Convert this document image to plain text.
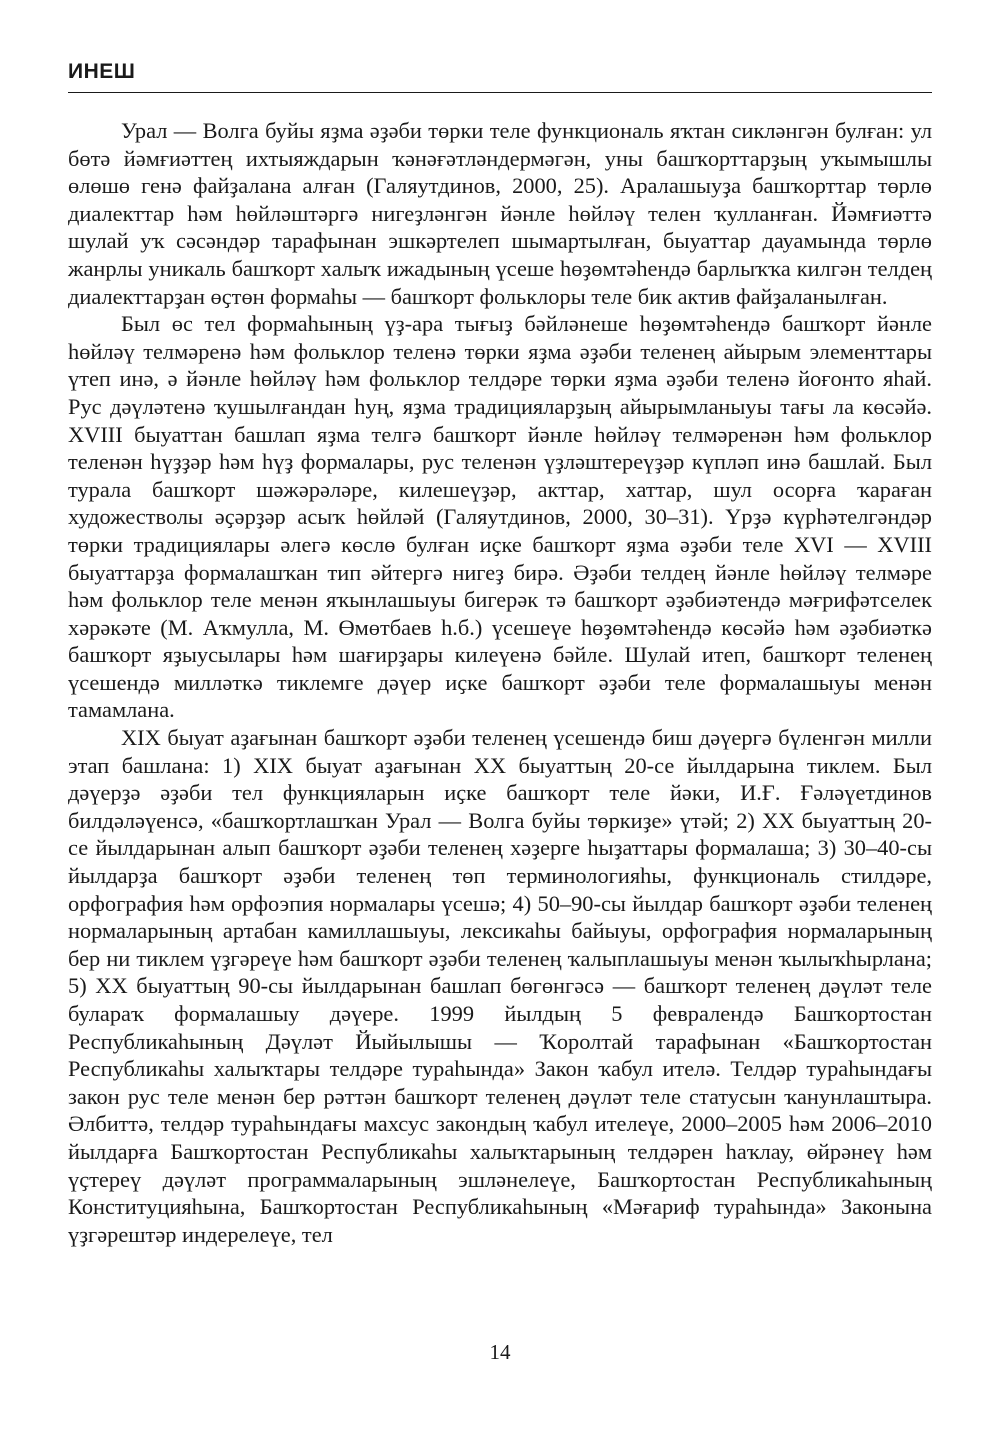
ИНЕШ

Урал — Волга буйы яҙма әҙәби төрки теле функциональ яҡтан сикләнгән булған: ул бөтә йәмғиәттең ихтыяждарын ҡәнәғәтләндермәгән, уны башҡорттарҙың уҡымышлы өлөшө генә файҙалана алған (Галяутдинов, 2000, 25). Аралашыуҙа башҡорттар төрлө диалекттар һәм һөйләштәргә нигеҙләнгән йәнле һөйләү телен ҡулланған. Йәмғиәттә шулай уҡ сәсәндәр тарафынан эшкәртелеп шымартылған, быуаттар дауамында төрлө жанрлы уникаль башҡорт халыҡ ижадының үсеше һөҙөмтәһендә барлыҡҡа килгән телдең диалекттарҙан өҫтөн формаһы — башҡорт фольклоры теле бик актив файҙаланылған.

Был өс тел формаһының үҙ-ара тығыҙ бәйләнеше һөҙөмтәһендә башҡорт йәнле һөйләү телмәренә һәм фольклор теленә төрки яҙма әҙәби теленең айырым элементтары үтеп инә, ә йәнле һөйләү һәм фольклор телдәре төрки яҙма әҙәби теленә йоғонто яһай. Рус дәүләтенә ҡушылғандан һуң, яҙма традицияларҙың айырымланыуы тағы ла көсәйә. XVIII быуаттан башлап яҙма телгә башҡорт йәнле һөйләү телмәренән һәм фольклор теленән һүҙҙәр һәм һүҙ формалары, рус теленән үҙләштереүҙәр күпләп инә башлай. Был турала башҡорт шәжәрәләре, килешеүҙәр, акттар, хаттар, шул осорға ҡараған художестволы әҫәрҙәр асыҡ һөйләй (Галяутдинов, 2000, 30–31). Үрҙә күрһәтелгәндәр төрки традициялары әлегә көслө булған иҫке башҡорт яҙма әҙәби теле XVI — XVIII быуаттарҙа формалашҡан тип әйтергә нигеҙ бирә. Әҙәби телдең йәнле һөйләү телмәре һәм фольклор теле менән яҡынлашыуы бигерәк тә башҡорт әҙәбиәтендә мәғрифәтселек хәрәкәте (М. Аҡмулла, М. Өмөтбаев һ.б.) үсешеүе һөҙөмтәһендә көсәйә һәм әҙәбиәткә башҡорт яҙыусылары һәм шағирҙары килеүенә бәйле. Шулай итеп, башҡорт теленең үсешендә милләткә тиклемге дәүер иҫке башҡорт әҙәби теле формалашыуы менән тамамлана.

XIX быуат аҙағынан башҡорт әҙәби теленең үсешендә биш дәүергә бүленгән милли этап башлана: 1) XIX быуат аҙағынан XX быуаттың 20-се йылдарына тиклем. Был дәүерҙә әҙәби тел функцияларын иҫке башҡорт теле йәки, И.Ғ. Ғәләүетдинов билдәләүенсә, «башҡортлашҡан Урал — Волга буйы төркиҙе» үтәй; 2) XX быуаттың 20-се йылдарынан алып башҡорт әҙәби теленең хәҙерге һыҙаттары формалаша; 3) 30–40-сы йылдарҙа башҡорт әҙәби теленең төп терминологияһы, функциональ стилдәре, орфография һәм орфоэпия нормалары үсешә; 4) 50–90-сы йылдар башҡорт әҙәби теленең нормаларының артабан камиллашыуы, лексикаһы байыуы, орфография нормаларының бер ни тиклем үҙгәреүе һәм башҡорт әҙәби теленең ҡалыплашыуы менән ҡылыҡһырлана; 5) XX быуаттың 90-сы йылдарынан башлап бөгөнгәсә — башҡорт теленең дәүләт теле булараҡ формалашыу дәүере. 1999 йылдың 5 февралендә Башҡортостан Республикаһының Дәүләт Йыйылышы — Ҡоролтай тарафынан «Башҡортостан Республикаһы халыҡтары телдәре тураһында» Закон ҡабул ителә. Телдәр тураһындағы закон рус теле менән бер рәттән башҡорт теленең дәүләт теле статусын ҡанунлаштыра. Әлбиттә, телдәр тураһындағы махсус закондың ҡабул ителеүе, 2000–2005 һәм 2006–2010 йылдарға Башҡортостан Республикаһы халыҡтарының телдәрен һаҡлау, өйрәнеү һәм үҫтереү дәүләт программаларының эшләнелеүе, Башҡортостан Республикаһының Конституцияһына, Башҡортостан Республикаһының «Мәғариф тураһында» Законына үҙгәрештәр индерелеүе, тел

14
